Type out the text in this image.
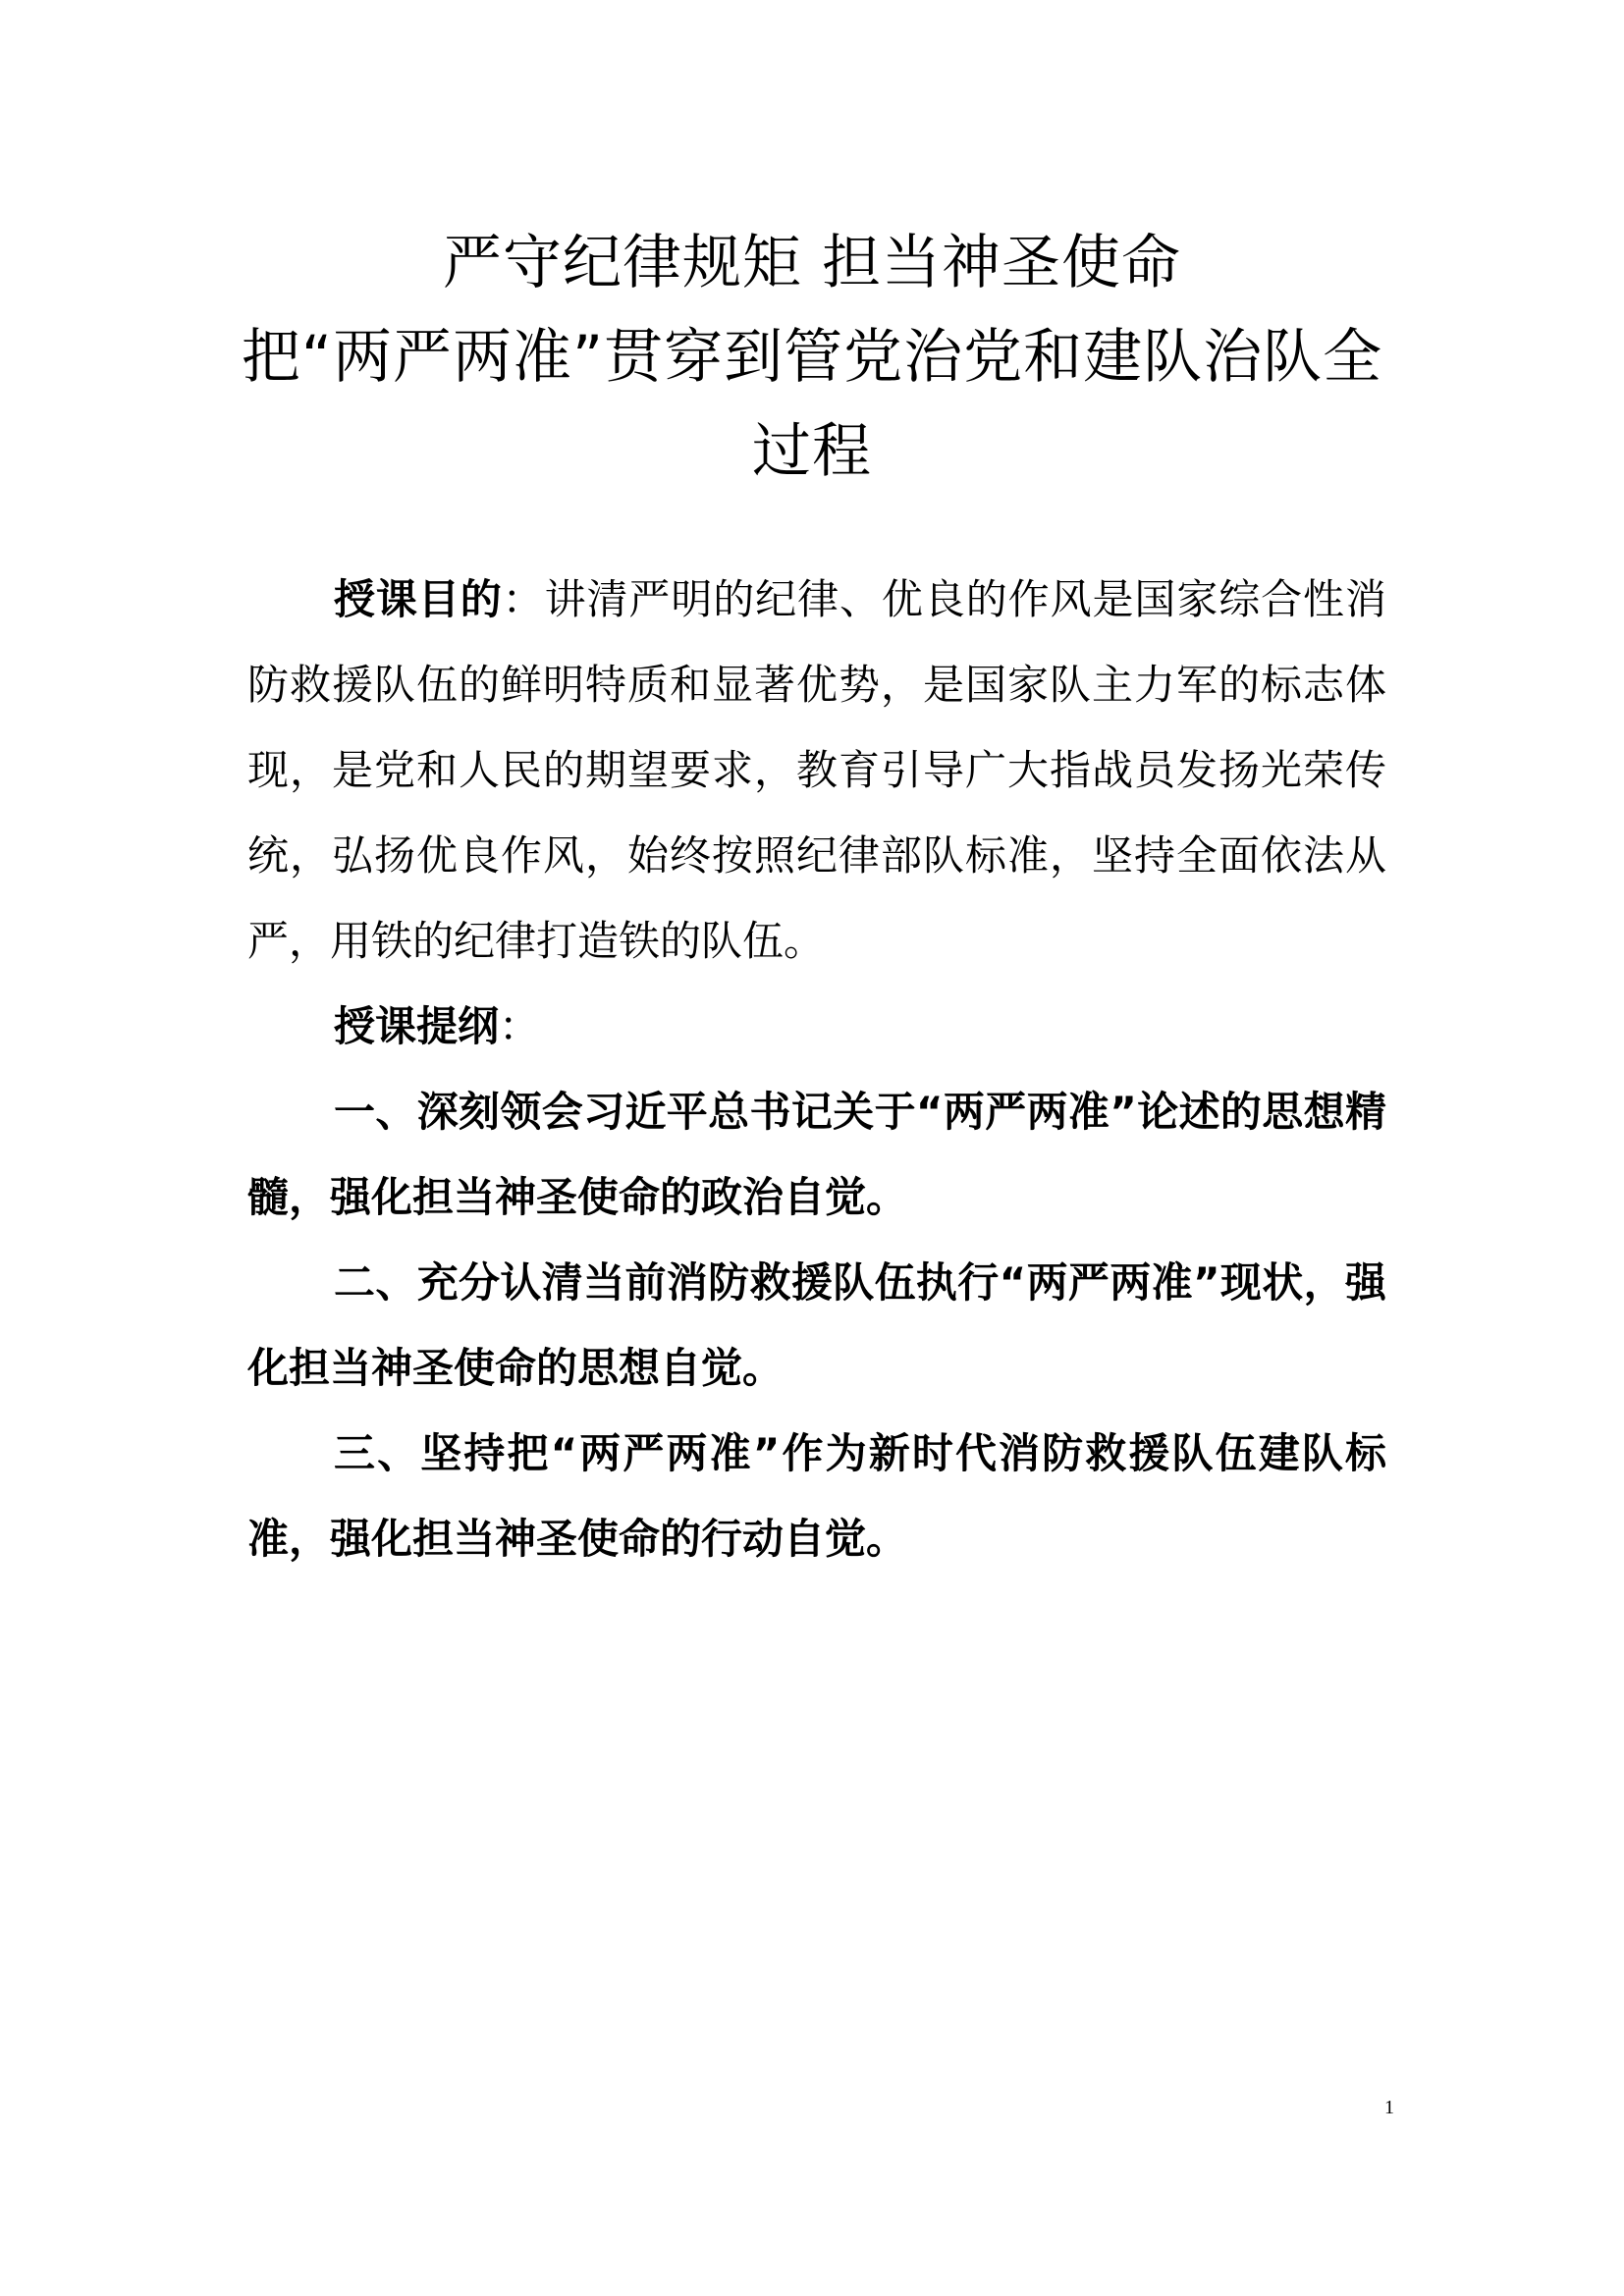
严守纪律规矩 担当神圣使命

把“两严两准”贯穿到管党治党和建队治队全

过程

授课目的：讲清严明的纪律、优良的作风是国家综合性消防救援队伍的鲜明特质和显著优势，是国家队主力军的标志体现，是党和人民的期望要求，教育引导广大指战员发扬光荣传统，弘扬优良作风，始终按照纪律部队标准，坚持全面依法从严，用铁的纪律打造铁的队伍。

授课提纲：

一、深刻领会习近平总书记关于“两严两准”论述的思想精髓，强化担当神圣使命的政治自觉。

二、充分认清当前消防救援队伍执行“两严两准”现状，强化担当神圣使命的思想自觉。

三、坚持把“两严两准”作为新时代消防救援队伍建队标准，强化担当神圣使命的行动自觉。

1
